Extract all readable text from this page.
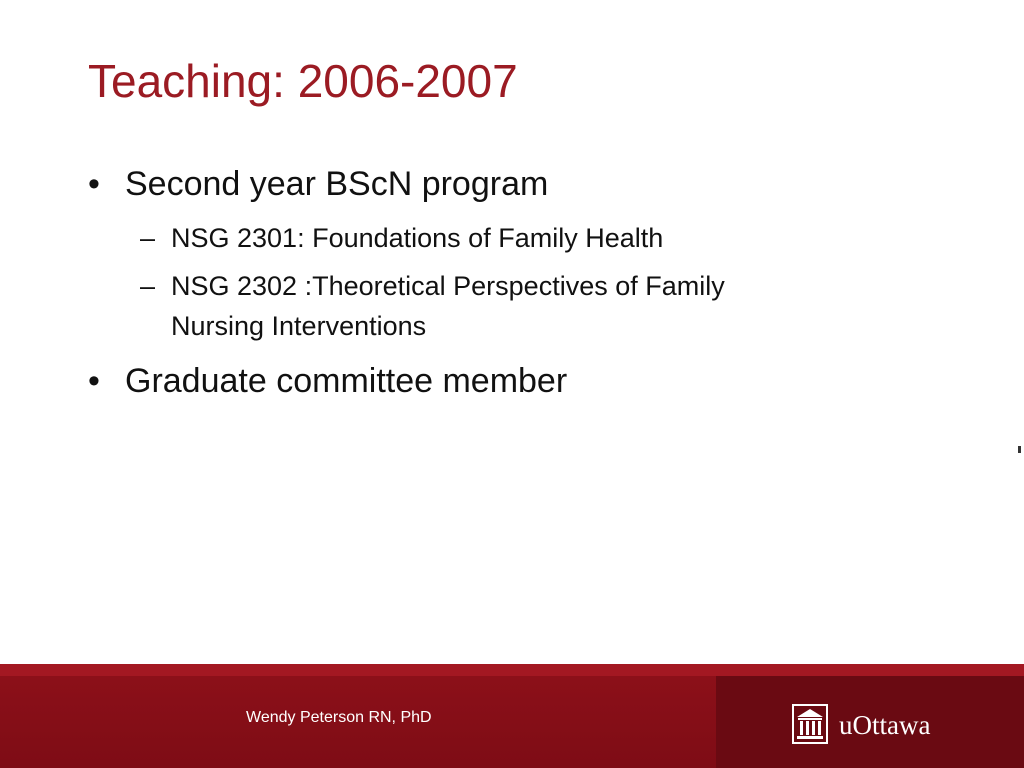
Teaching: 2006-2007
• Second year BScN program
– NSG 2301: Foundations of Family Health
– NSG 2302 :Theoretical Perspectives of Family
Nursing Interventions
• Graduate committee member
Wendy Peterson RN, PhD	uOttawa
